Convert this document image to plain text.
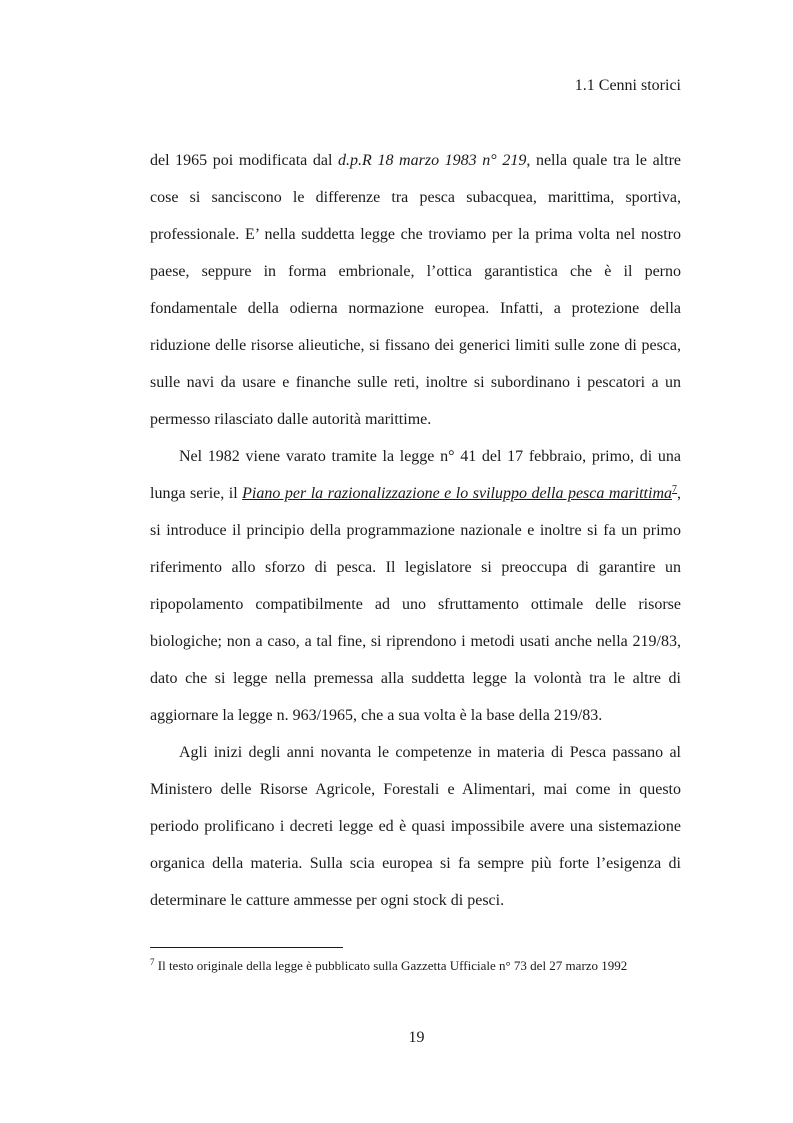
1.1 Cenni storici
del 1965 poi modificata dal d.p.R 18 marzo 1983 n° 219, nella quale tra le altre
cose si sanciscono le differenze tra pesca subacquea, marittima, sportiva,
professionale. E’ nella suddetta legge che troviamo per la prima volta nel nostro
paese, seppure in forma embrionale, l’ottica garantistica che è il perno
fondamentale della odierna normazione europea. Infatti, a protezione della
riduzione delle risorse alieutiche, si fissano dei generici limiti sulle zone di pesca,
sulle navi da usare e finanche sulle reti, inoltre si subordinano i pescatori a un
permesso rilasciato dalle autorità marittime.
Nel 1982 viene varato tramite la legge n° 41 del 17 febbraio, primo, di una
lunga serie, il Piano per la razionalizzazione e lo sviluppo della pesca marittima$^7$,
si introduce il principio della programmazione nazionale e inoltre si fa un primo
riferimento allo sforzo di pesca. Il legislatore si preoccupa di garantire un
ripopolamento compatibilmente ad uno sfruttamento ottimale delle risorse
biologiche; non a caso, a tal fine, si riprendono i metodi usati anche nella 219/83,
dato che si legge nella premessa alla suddetta legge la volontà tra le altre di
aggiornare la legge n. 963/1965, che a sua volta è la base della 219/83.
Agli inizi degli anni novanta le competenze in materia di Pesca passano al
Ministero delle Risorse Agricole, Forestali e Alimentari, mai come in questo
periodo prolificano i decreti legge ed è quasi impossibile avere una sistemazione
organica della materia. Sulla scia europea si fa sempre più forte l’esigenza di
determinare le catture ammesse per ogni stock di pesci.
$^7$ Il testo originale della legge è pubblicato sulla Gazzetta Ufficiale n° 73 del 27 marzo 1992
19
